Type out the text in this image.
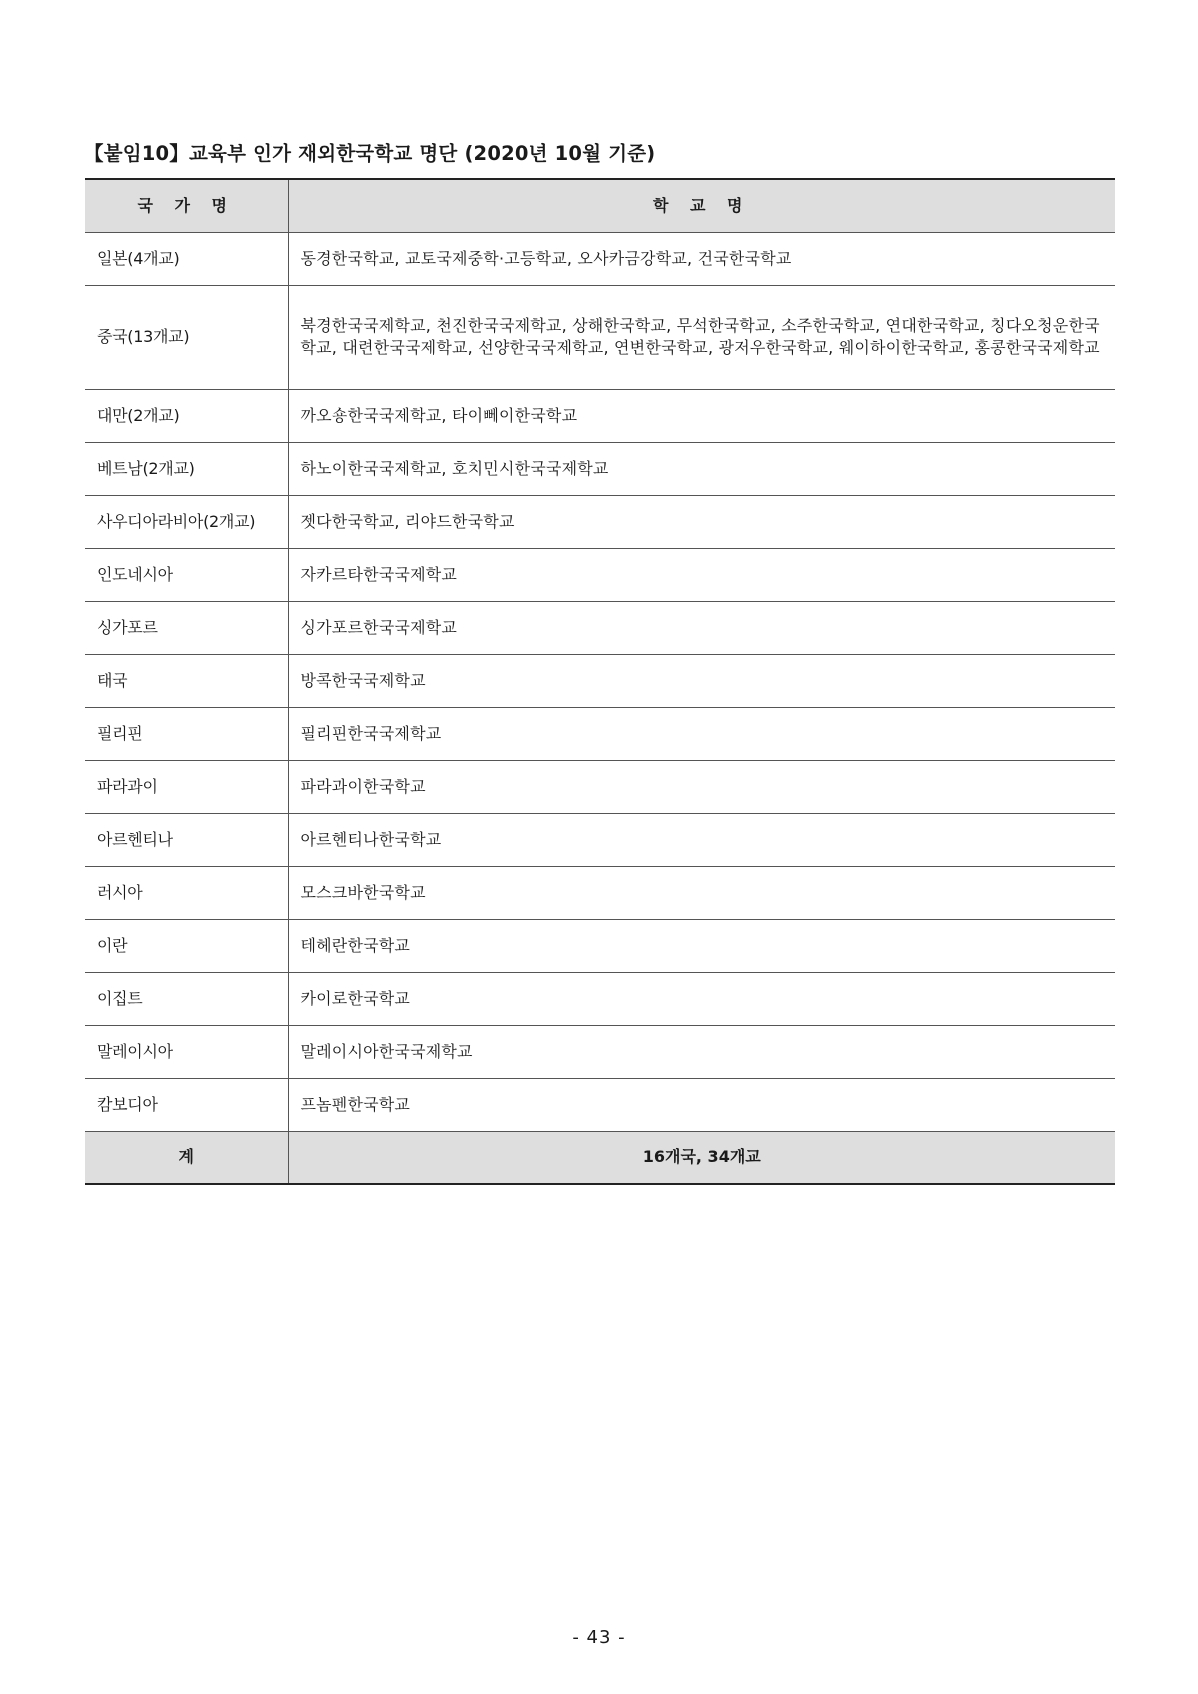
【붙임10】교육부 인가 재외한국학교 명단 (2020년 10월 기준)
국 가 명	학 교 명
일본(4개교)	동경한국학교, 교토국제중학·고등학교, 오사카금강학교, 건국한국학교
중국(13개교)	북경한국국제학교, 천진한국국제학교, 상해한국학교, 무석한국학교, 소주한국학교, 연대한국학교, 칭다오청운한국학교, 대련한국국제학교, 선양한국국제학교, 연변한국학교, 광저우한국학교, 웨이하이한국학교, 홍콩한국국제학교
대만(2개교)	까오숑한국국제학교, 타이뻬이한국학교
베트남(2개교)	하노이한국국제학교, 호치민시한국국제학교
사우디아라비아(2개교)	젯다한국학교, 리야드한국학교
인도네시아	자카르타한국국제학교
싱가포르	싱가포르한국국제학교
태국	방콕한국국제학교
필리핀	필리핀한국국제학교
파라과이	파라과이한국학교
아르헨티나	아르헨티나한국학교
러시아	모스크바한국학교
이란	테헤란한국학교
이집트	카이로한국학교
말레이시아	말레이시아한국국제학교
캄보디아	프놈펜한국학교
계	16개국, 34개교
- 43 -
